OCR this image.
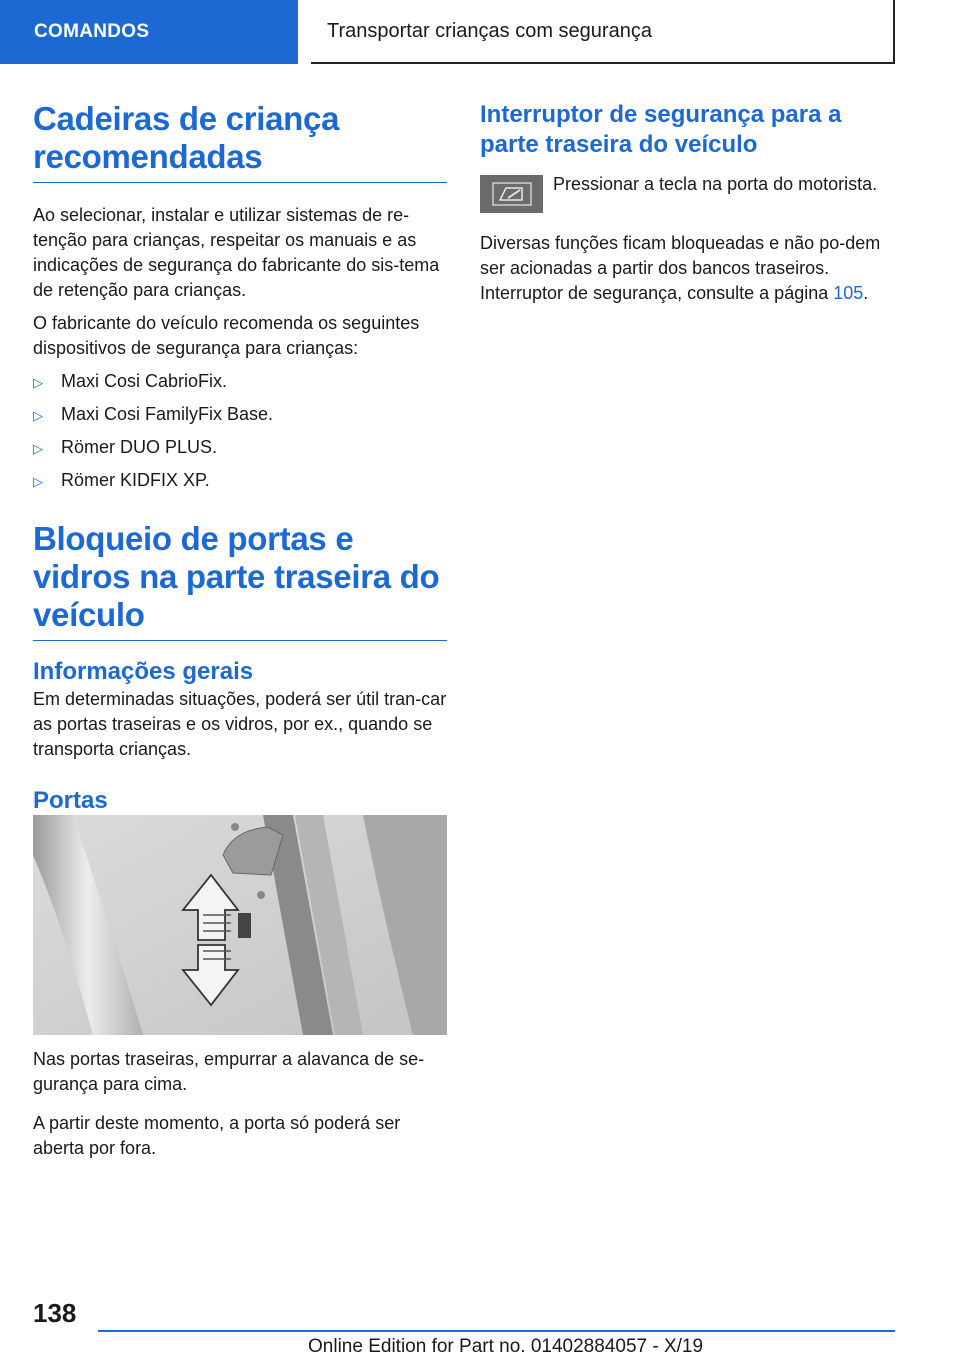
COMANDOS	Transportar crianças com segurança
Cadeiras de criança recomendadas

Ao selecionar, instalar e utilizar sistemas de re-tenção para crianças, respeitar os manuais e as indicações de segurança do fabricante do sis-tema de retenção para crianças.

O fabricante do veículo recomenda os seguintes dispositivos de segurança para crianças:

▷	Maxi Cosi CabrioFix.
▷	Maxi Cosi FamilyFix Base.
▷	Römer DUO PLUS.
▷	Römer KIDFIX XP.
Bloqueio de portas e vidros na parte traseira do veículo
Informações gerais

Em determinadas situações, poderá ser útil tran-car as portas traseiras e os vidros, por ex., quando se transporta crianças.

Portas

Nas portas traseiras, empurrar a alavanca de se-gurança para cima.

A partir deste momento, a porta só poderá ser aberta por fora.

Interruptor de segurança para a parte traseira do veículo

Pressionar a tecla na porta do motorista.

Diversas funções ficam bloqueadas e não po-dem ser acionadas a partir dos bancos traseiros.

Interruptor de segurança, consulte a página 105.

138
Online Edition for Part no. 01402884057 - X/19
